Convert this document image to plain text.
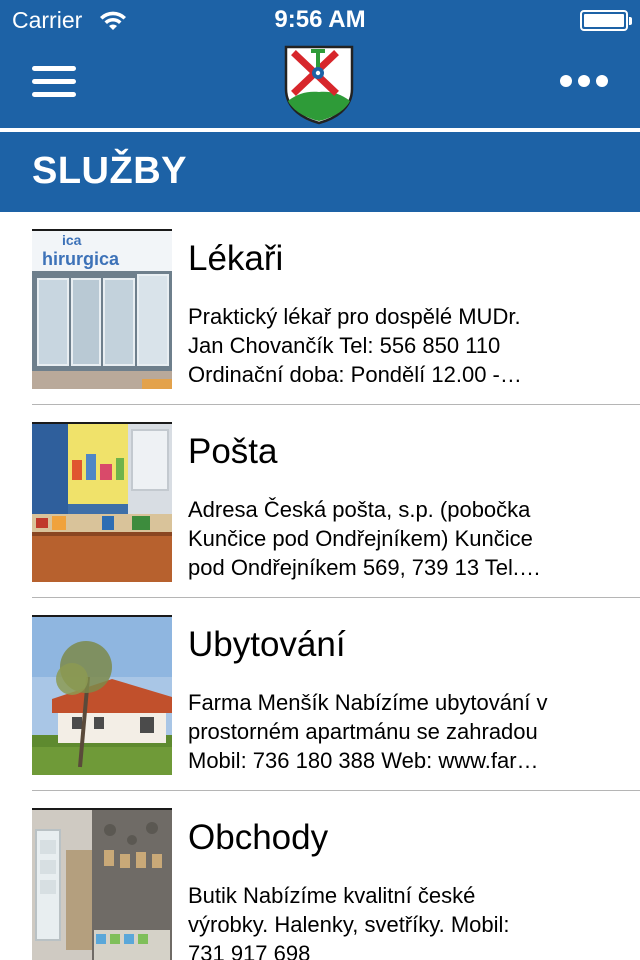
Carrier	9:56 AM
SLUŽBY
ica
hirurgica Lékaři
Praktický lékař pro dospělé MUDr.
Jan Chovančík Tel: 556 850 110
Ordinační doba: Pondělí 12.00 -…
Pošta
Adresa Česká pošta, s.p. (pobočka
Kunčice pod Ondřejníkem) Kunčice
pod Ondřejníkem 569, 739 13 Tel.…
Ubytování
Farma Menšík Nabízíme ubytování v
prostorném apartmánu se zahradou
Mobil: 736 180 388 Web: www.far…
Obchody
Butik Nabízíme kvalitní české
výrobky. Halenky, svetříky. Mobil:
731 917 698
